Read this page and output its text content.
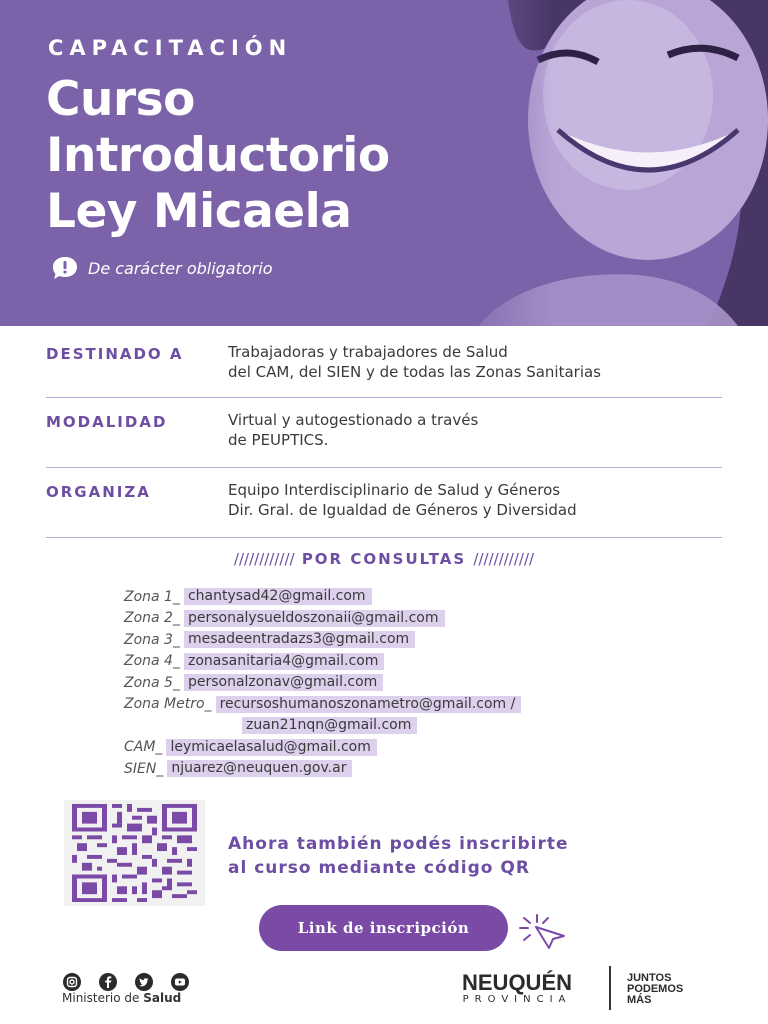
CAPACITACIÓN
Curso
Introductorio
Ley Micaela
De carácter obligatorio
DESTINADO A	Trabajadoras y trabajadores de Salud
del CAM, del SIEN y de todas las Zonas Sanitarias
MODALIDAD	Virtual y autogestionado a través
de PEUPTICS.
ORGANIZA	Equipo Interdisciplinario de Salud y Géneros
Dir. Gral. de Igualdad de Géneros y Diversidad
//////////// POR CONSULTAS ////////////
Zona 1_ chantysad42@gmail.com
Zona 2_ personalysueldoszonaii@gmail.com
Zona 3_ mesadeentradazs3@gmail.com
Zona 4_ zonasanitaria4@gmail.com
Zona 5_ personalzonav@gmail.com
Zona Metro_ recursoshumanoszonametro@gmail.com /
zuan21nqn@gmail.com
CAM_ leymicaelasalud@gmail.com
SIEN_ njuarez@neuquen.gov.ar
Ahora también podés inscribirte
al curso mediante código QR
Link de inscripción
Ministerio de Salud
NEUQUÉN
PROVINCIA
JUNTOS
PODEMOS
MÁS
